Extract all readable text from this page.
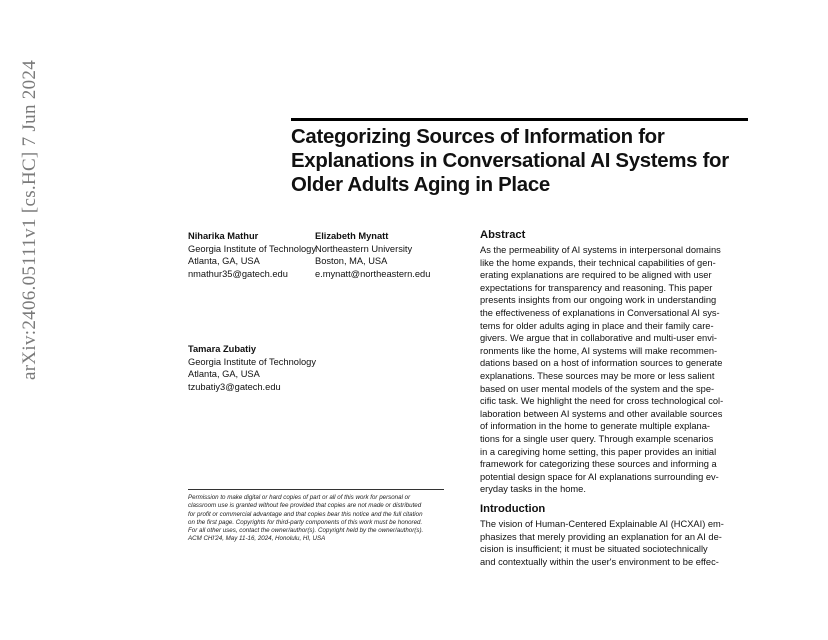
arXiv:2406.05111v1 [cs.HC] 7 Jun 2024	Categorizing Sources of Information for
Explanations in Conversational AI Systems for
Older Adults Aging in Place
Niharika Mathur
Georgia Institute of Technology
Atlanta, GA, USA
nmathur35@gatech.edu
Elizabeth Mynatt
Northeastern University
Boston, MA, USA
e.mynatt@northeastern.edu
Tamara Zubatiy
Georgia Institute of Technology
Atlanta, GA, USA
tzubatiy3@gatech.edu
Permission to make digital or hard copies of part or all of this work for personal or
classroom use is granted without fee provided that copies are not made or distributed
for profit or commercial advantage and that copies bear this notice and the full citation
on the first page. Copyrights for third-party components of this work must be honored.
For all other uses, contact the owner/author(s). Copyright held by the owner/author(s).
ACM CHI'24, May 11-16, 2024, Honolulu, HI, USA
Abstract
As the permeability of AI systems in interpersonal domains
like the home expands, their technical capabilities of gen-
erating explanations are required to be aligned with user
expectations for transparency and reasoning. This paper
presents insights from our ongoing work in understanding
the effectiveness of explanations in Conversational AI sys-
tems for older adults aging in place and their family care-
givers. We argue that in collaborative and multi-user envi-
ronments like the home, AI systems will make recommen-
dations based on a host of information sources to generate
explanations. These sources may be more or less salient
based on user mental models of the system and the spe-
cific task. We highlight the need for cross technological col-
laboration between AI systems and other available sources
of information in the home to generate multiple explana-
tions for a single user query. Through example scenarios
in a caregiving home setting, this paper provides an initial
framework for categorizing these sources and informing a
potential design space for AI explanations surrounding ev-
eryday tasks in the home.
Introduction
The vision of Human-Centered Explainable AI (HCXAI) em-
phasizes that merely providing an explanation for an AI de-
cision is insufficient; it must be situated sociotechnically
and contextually within the user's environment to be effec-
